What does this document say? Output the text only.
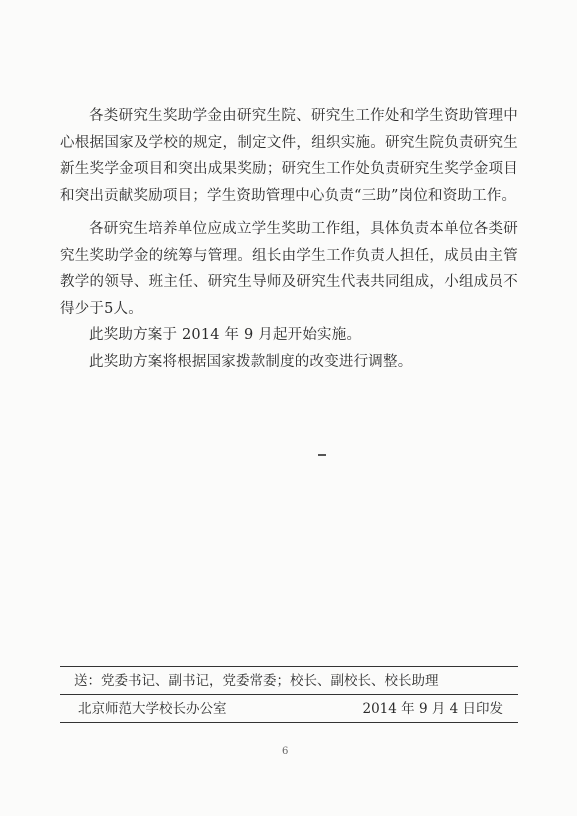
各类研究生奖助学金由研究生院、研究生工作处和学生资助管理中心根据国家及学校的规定，制定文件，组织实施。研究生院负责研究生新生奖学金项目和突出成果奖励；研究生工作处负责研究生奖学金项目和突出贡献奖励项目；学生资助管理中心负责“三助”岗位和资助工作。

各研究生培养单位应成立学生奖助工作组，具体负责本单位各类研究生奖助学金的统筹与管理。组长由学生工作负责人担任，成员由主管教学的领导、班主任、研究生导师及研究生代表共同组成，小组成员不得少于5人。

此奖助方案于 2014 年 9 月起开始实施。

此奖助方案将根据国家拨款制度的改变进行调整。

送：党委书记、副书记，党委常委；校长、副校长、校长助理
北京师范大学校长办公室	2014 年 9 月 4 日印发
6
